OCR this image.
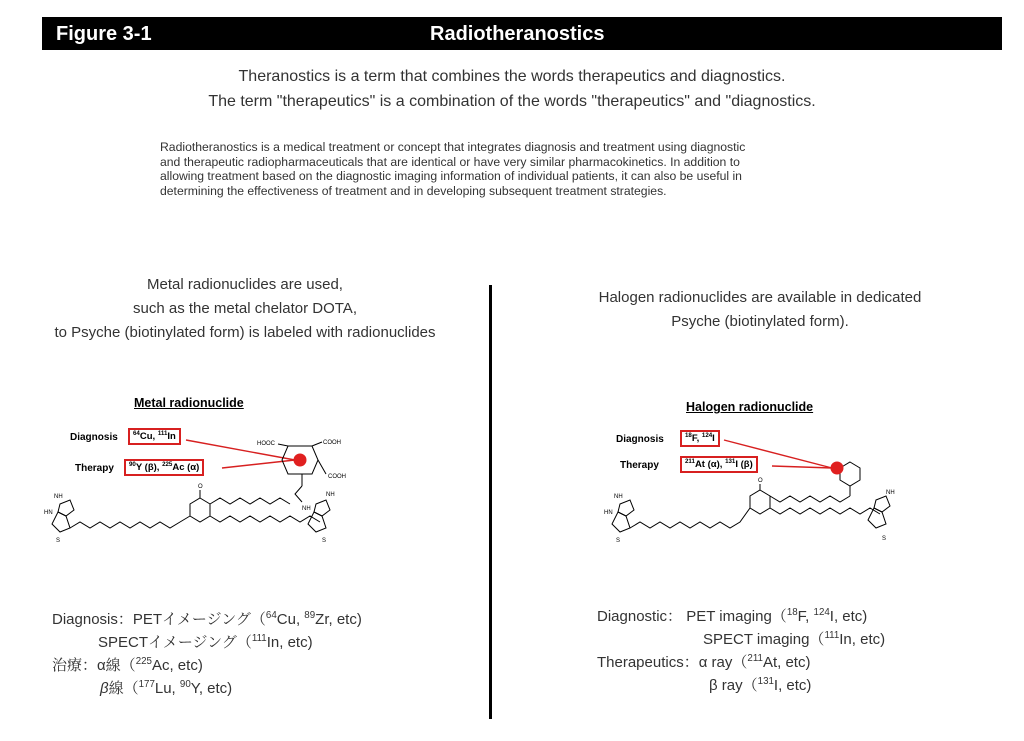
Figure 3-1	Radiotheranostics
Theranostics is a term that combines the words therapeutics and diagnostics.
The term "therapeutics" is a combination of the words "therapeutics" and "diagnostics.
Radiotheranostics is a medical treatment or concept that integrates diagnosis and treatment using diagnostic
and therapeutic radiopharmaceuticals that are identical or have very similar pharmacokinetics. In addition to
allowing treatment based on the diagnostic imaging information of individual patients, it can also be useful in
determining the effectiveness of treatment and in developing subsequent treatment strategies.
Metal radionuclides are used,
such as the metal chelator DOTA,
to Psyche (biotinylated form) is labeled with radionuclides
Halogen radionuclides are available in dedicated
Psyche (biotinylated form).
Metal radionuclide
Diagnosis
Therapy
$^{64}$Cu, $^{111}$In
$^{90}$Y (β), $^{225}$Ac (α)
HOOC	COOH
COOH
NH
O
NH
HN
S
NH
S
Halogen radionuclide
Diagnosis
Therapy
$^{18}$F, $^{124}$I
$^{211}$At (α), $^{131}$I (β)
O
NH
HN
S
NH
S
Diagnosis：PETイメージング（$^{64}$Cu, $^{89}$Zr, etc)
SPECTイメージング（$^{111}$In, etc)
治療：α線（$^{225}$Ac, etc)
β線（$^{177}$Lu, $^{90}$Y, etc)
Diagnostic： PET imaging（$^{18}$F, $^{124}$I, etc)
SPECT imaging（$^{111}$In, etc)
Therapeutics：α ray（$^{211}$At, etc)
β ray（$^{131}$I, etc)
